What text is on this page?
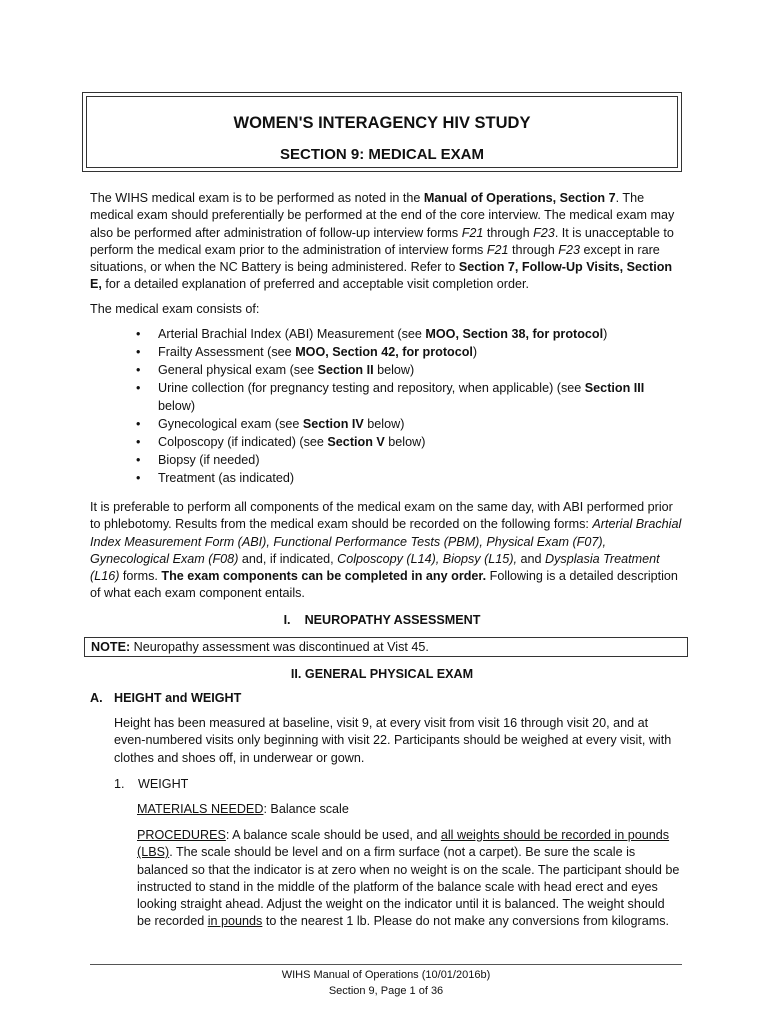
WOMEN'S INTERAGENCY HIV STUDY
SECTION 9: MEDICAL EXAM

The WIHS medical exam is to be performed as noted in the Manual of Operations, Section 7. The medical exam should preferentially be performed at the end of the core interview. The medical exam may also be performed after administration of follow-up interview forms F21 through F23. It is unacceptable to perform the medical exam prior to the administration of interview forms F21 through F23 except in rare situations, or when the NC Battery is being administered. Refer to Section 7, Follow-Up Visits, Section E, for a detailed explanation of preferred and acceptable visit completion order.

The medical exam consists of:
• Arterial Brachial Index (ABI) Measurement (see MOO, Section 38, for protocol)
• Frailty Assessment (see MOO, Section 42, for protocol)
• General physical exam (see Section II below)
• Urine collection (for pregnancy testing and repository, when applicable) (see Section III below)
• Gynecological exam (see Section IV below)
• Colposcopy (if indicated) (see Section V below)
• Biopsy (if needed)
• Treatment (as indicated)

It is preferable to perform all components of the medical exam on the same day, with ABI performed prior to phlebotomy. Results from the medical exam should be recorded on the following forms: Arterial Brachial Index Measurement Form (ABI), Functional Performance Tests (PBM), Physical Exam (F07), Gynecological Exam (F08) and, if indicated, Colposcopy (L14), Biopsy (L15), and Dysplasia Treatment (L16) forms. The exam components can be completed in any order. Following is a detailed description of what each exam component entails.

I. NEUROPATHY ASSESSMENT
NOTE: Neuropathy assessment was discontinued at Vist 45.
II. GENERAL PHYSICAL EXAM
A. HEIGHT and WEIGHT
Height has been measured at baseline, visit 9, at every visit from visit 16 through visit 20, and at even-numbered visits only beginning with visit 22. Participants should be weighed at every visit, with clothes and shoes off, in underwear or gown.
1. WEIGHT
MATERIALS NEEDED: Balance scale

PROCEDURES: A balance scale should be used, and all weights should be recorded in pounds (LBS). The scale should be level and on a firm surface (not a carpet). Be sure the scale is balanced so that the indicator is at zero when no weight is on the scale. The participant should be instructed to stand in the middle of the platform of the balance scale with head erect and eyes looking straight ahead. Adjust the weight on the indicator until it is balanced. The weight should be recorded in pounds to the nearest 1 lb. Please do not make any conversions from kilograms.

WIHS Manual of Operations (10/01/2016b)
Section 9, Page 1 of 36
